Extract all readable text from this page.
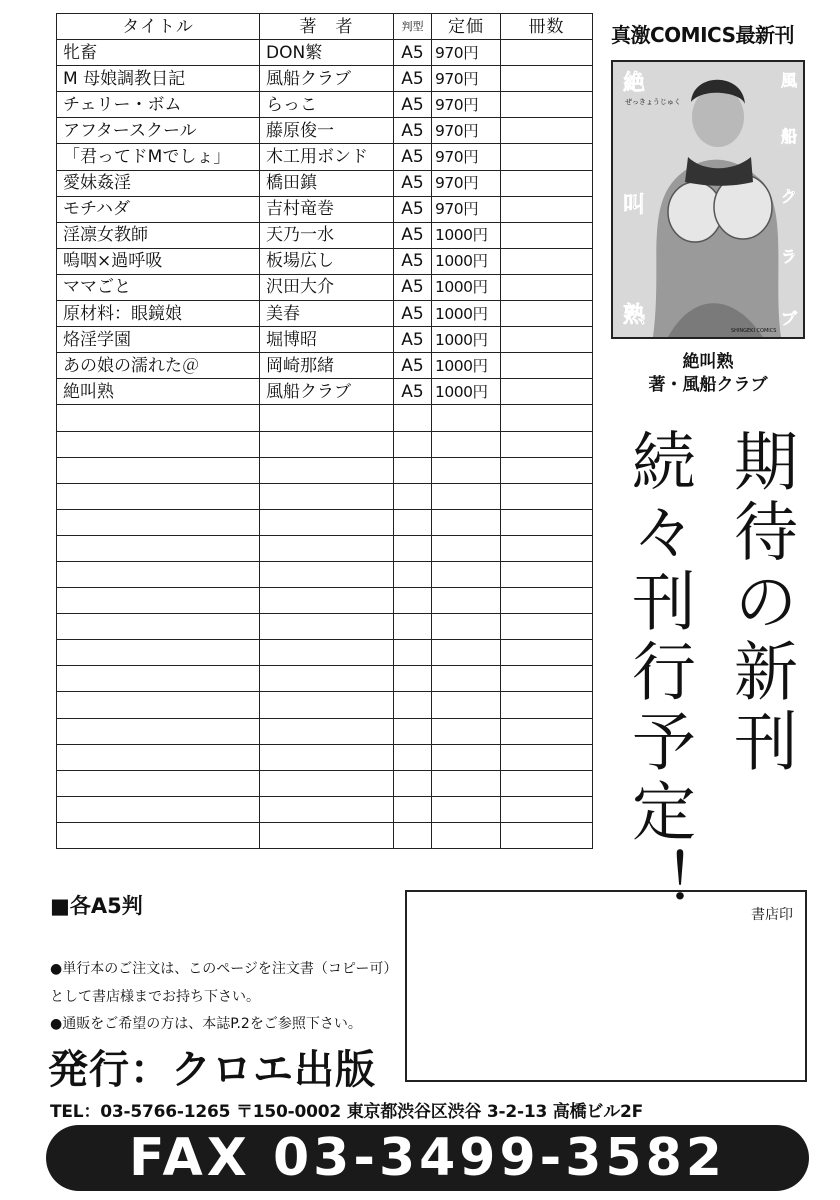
タイトル	著　者	判型	定価	冊数
牝畜	DON繁	A5	970円	
M 母娘調教日記	風船クラブ	A5	970円	
チェリー・ボム	らっこ	A5	970円	
アフタースクール	藤原俊一	A5	970円	
「君ってドMでしょ」	木工用ボンド	A5	970円	
愛妹姦淫	橋田鎮	A5	970円	
モチハダ	吉村竜巻	A5	970円	
淫凛女教師	天乃一水	A5	1000円	
嗚咽×過呼吸	板場広し	A5	1000円	
ママごと	沢田大介	A5	1000円	
原材料：眼鏡娘	美春	A5	1000円	
烙淫学園	堀博昭	A5	1000円	
あの娘の濡れた＠	岡崎那緒	A5	1000円	
絶叫熟	風船クラブ	A5	1000円	

真激COMICS最新刊
絶
叫
熟
風
船
ク
ラ
ブ
ぜっきょうじゅく
SHINGEKI COMICS
絶叫熟
著・風船クラブ
期待の新刊
続々刊行予定！
■各A5判	書店印
●単行本のご注文は、このページを注文書（コピー可）
として書店様までお持ち下さい。
●通販をご希望の方は、本誌P.2をご参照下さい。
発行：クロエ出版
TEL：03-5766-1265 〒150-0002 東京都渋谷区渋谷 3-2-13 高橋ビル2F
FAX 03-3499-3582
